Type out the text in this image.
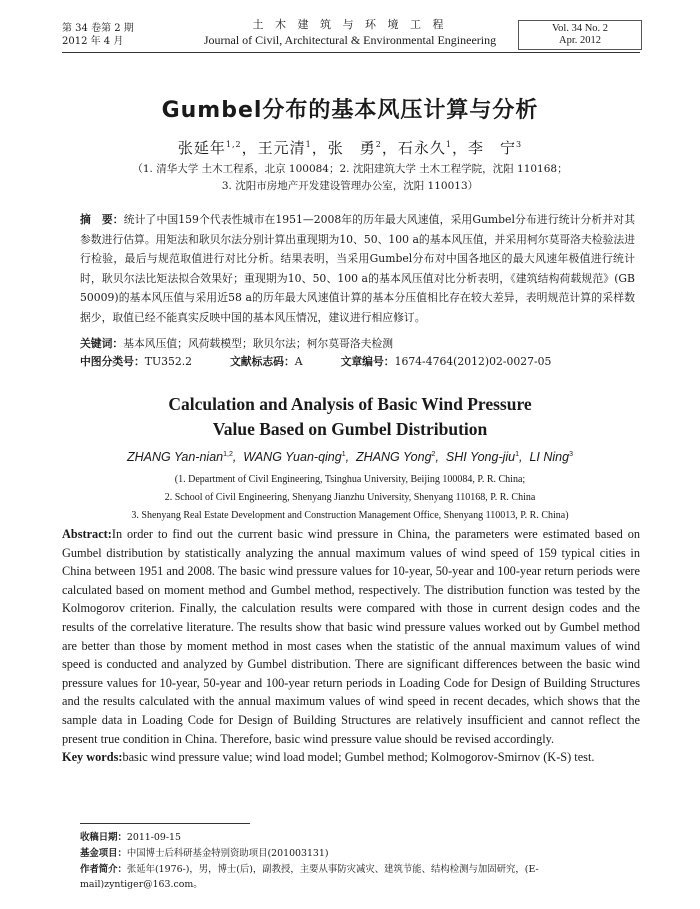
第 34 卷第 2 期
2012 年 4 月
土 木 建 筑 与 环 境 工 程
Journal of Civil, Architectural & Environmental Engineering
Vol. 34 No. 2
Apr. 2012
Gumbel分布的基本风压计算与分析
张延年$^{1,2}$，王元清$^1$，张　勇$^2$，石永久$^1$，李　宁$^3$
（1. 清华大学 土木工程系，北京 100084；2. 沈阳建筑大学 土木工程学院，沈阳 110168；
3. 沈阳市房地产开发建设管理办公室，沈阳 110013）
摘　要：统计了中国159个代表性城市在1951—2008年的历年最大风速值，采用Gumbel分布进行统计分析并对其参数进行估算。用矩法和耿贝尔法分别计算出重现期为10、50、100 a的基本风压值，并采用柯尔莫哥洛夫检验法进行检验，最后与规范取值进行对比分析。结果表明，当采用Gumbel分布对中国各地区的最大风速年极值进行统计时，耿贝尔法比矩法拟合效果好；重现期为10、50、100 a的基本风压值对比分析表明，《建筑结构荷载规范》(GB 50009)的基本风压值与采用近58 a的历年最大风速值计算的基本分压值相比存在较大差异，表明规范计算的采样数据少，取值已经不能真实反映中国的基本风压情况，建议进行相应修订。
关键词：基本风压值；风荷载模型；耿贝尔法；柯尔莫哥洛夫检测
中图分类号：TU352.2	文献标志码：A	文章编号：1674-4764(2012)02-0027-05
Calculation and Analysis of Basic Wind Pressure
Value Based on Gumbel Distribution
ZHANG Yan-nian$^{1,2}$,  WANG Yuan-qing$^1$,  ZHANG Yong$^2$,  SHI Yong-jiu$^1$,  LI Ning$^3$
(1. Department of Civil Engineering, Tsinghua University, Beijing 100084, P. R. China;
2. School of Civil Engineering, Shenyang Jianzhu University, Shenyang 110168, P. R. China
3. Shenyang Real Estate Development and Construction Management Office, Shenyang 110013, P. R. China)
Abstract:In order to find out the current basic wind pressure in China, the parameters were estimated based on Gumbel distribution by statistically analyzing the annual maximum values of wind speed of 159 typical cities in China between 1951 and 2008. The basic wind pressure values for 10-year, 50-year and 100-year return periods were calculated based on moment method and Gumbel method, respectively. The distribution function was tested by the Kolmogorov criterion. Finally, the calculation results were compared with those in current design codes and the results of the correlative literature. The results show that basic wind pressure values worked out by Gumbel method are better than those by moment method in most cases when the statistic of the annual maximum values of wind speed is conducted and analyzed by Gumbel distribution. There are significant differences between the basic wind pressure values for 10-year, 50-year and 100-year return periods in Loading Code for Design of Building Structures and the results calculated with the annual maximum values of wind speed in recent decades, which shows that the sample data in Loading Code for Design of Building Structures are relatively insufficient and cannot reflect the present true condition in China. Therefore, basic wind pressure value should be revised accordingly.
Key words:basic wind pressure value; wind load model; Gumbel method; Kolmogorov-Smirnov (K-S) test.
收稿日期：2011-09-15
基金项目：中国博士后科研基金特别资助项目(201003131)
作者简介：张延年(1976-)，男，博士(后)，副教授，主要从事防灾减灾、建筑节能、结构检测与加固研究，(E-mail)zyntiger@163.com。
